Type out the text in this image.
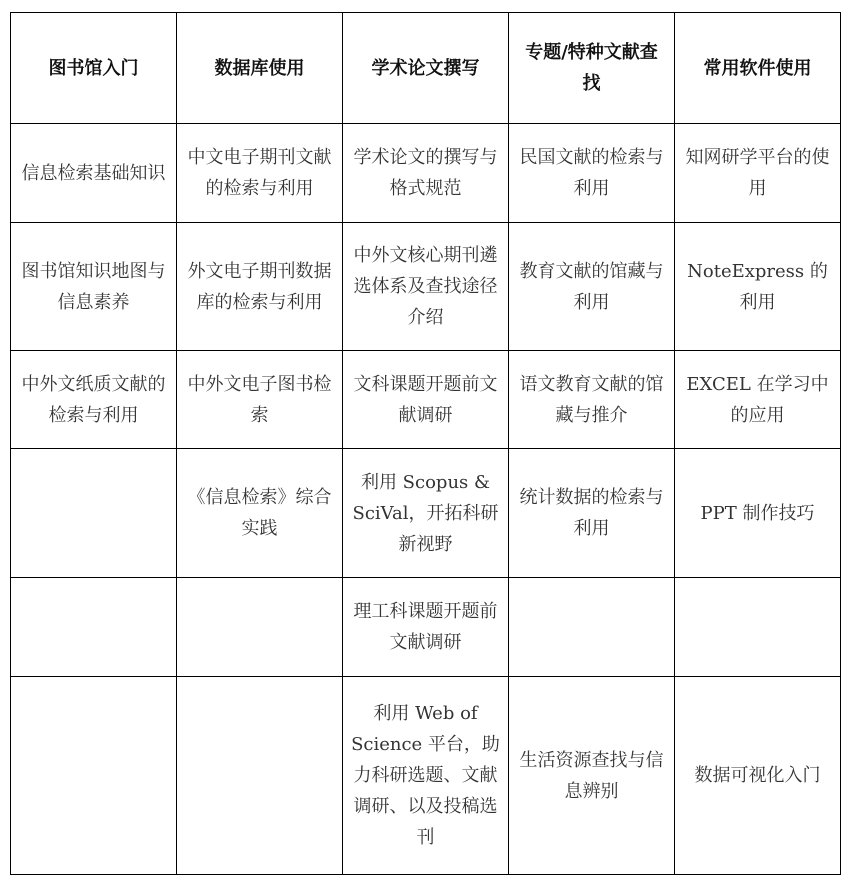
图书馆入门	数据库使用	学术论文撰写	专题/特种文献查找	常用软件使用
信息检索基础知识	中文电子期刊文献的检索与利用	学术论文的撰写与格式规范	民国文献的检索与利用	知网研学平台的使用
图书馆知识地图与信息素养	外文电子期刊数据库的检索与利用	中外文核心期刊遴选体系及查找途径介绍	教育文献的馆藏与利用	NoteExpress 的利用
中外文纸质文献的检索与利用	中外文电子图书检索	文科课题开题前文献调研	语文教育文献的馆藏与推介	EXCEL 在学习中的应用
	《信息检索》综合实践	利用 Scopus & SciVal，开拓科研新视野	统计数据的检索与利用	PPT 制作技巧
		理工科课题开题前文献调研		
		利用 Web of Science 平台，助力科研选题、文献调研、以及投稿选刊	生活资源查找与信息辨别	数据可视化入门
